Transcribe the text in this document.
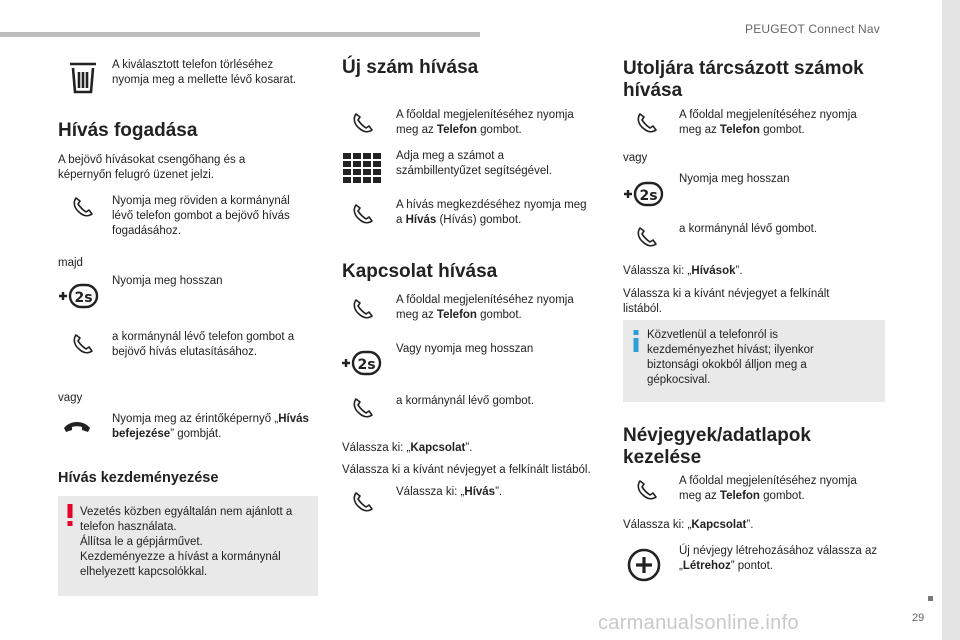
PEUGEOT Connect Nav
29
carmanualsonline.info

A kiválasztott telefon törléséhez nyomja meg a mellette lévő kosarat.

Hívás fogadása

A bejövő hívásokat csengőhang és a képernyőn felugró üzenet jelzi.

Nyomja meg röviden a kormánynál lévő telefon gombot a bejövő hívás fogadásához.

majd

Nyomja meg hosszan

2s

a kormánynál lévő telefon gombot a bejövő hívás elutasításához.

vagy

Nyomja meg az érintőképernyő „Hívás befejezése” gombját.

Hívás kezdeményezése
Vezetés közben egyáltalán nem ajánlott a
telefon használata.
Állítsa le a gépjárművet.
Kezdeményezze a hívást a kormánynál
elhelyezett kapcsolókkal.
Új szám hívása

A főoldal megjelenítéséhez nyomja meg az Telefon gombot.

Adja meg a számot a számbillentyűzet segítségével.

A hívás megkezdéséhez nyomja meg a Hívás (Hívás) gombot.

Kapcsolat hívása

A főoldal megjelenítéséhez nyomja meg az Telefon gombot.

2s

Vagy nyomja meg hosszan

a kormánynál lévő gombot.

Válassza ki: „Kapcsolat”.

Válassza ki a kívánt névjegyet a felkínált listából.

Válassza ki: „Hívás”.

Utoljára tárcsázott számok
hívása

A főoldal megjelenítéséhez nyomja meg az Telefon gombot.

vagy

2s

Nyomja meg hosszan

a kormánynál lévő gombot.

Válassza ki: „Hívások”.

Válassza ki a kívánt névjegyet a felkínált listából.

Közvetlenül a telefonról is
kezdeményezhet hívást; ilyenkor
biztonsági okokból álljon meg a
gépkocsival.
Névjegyek/adatlapok
kezelése

A főoldal megjelenítéséhez nyomja meg az Telefon gombot.

Válassza ki: „Kapcsolat”.

Új névjegy létrehozásához válassza az „Létrehoz” pontot.
